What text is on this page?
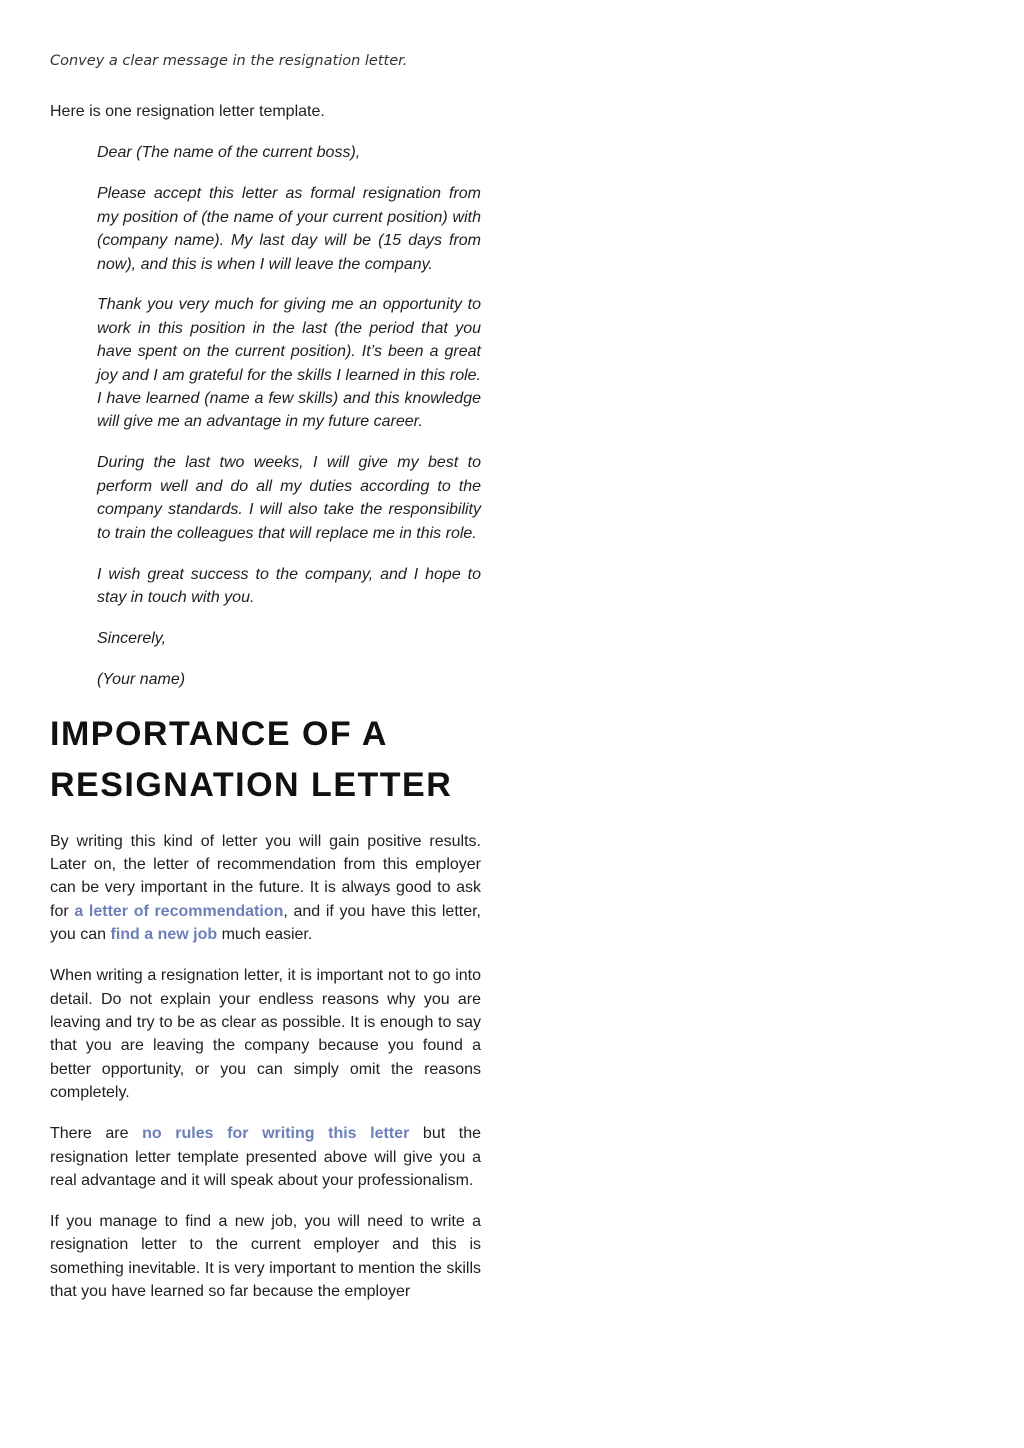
Convey a clear message in the resignation letter.

Here is one resignation letter template.

Dear (The name of the current boss),

Please accept this letter as formal resignation from my position of (the name of your current position) with (company name). My last day will be (15 days from now), and this is when I will leave the company.

Thank you very much for giving me an opportunity to work in this position in the last (the period that you have spent on the current position). It’s been a great joy and I am grateful for the skills I learned in this role. I have learned (name a few skills) and this knowledge will give me an advantage in my future career.

During the last two weeks, I will give my best to perform well and do all my duties according to the company standards. I will also take the responsibility to train the colleagues that will replace me in this role.

I wish great success to the company, and I hope to stay in touch with you.

Sincerely,

(Your name)

IMPORTANCE OF A RESIGNATION LETTER

By writing this kind of letter you will gain positive results. Later on, the letter of recommendation from this employer can be very important in the future. It is always good to ask for a letter of recommendation, and if you have this letter, you can find a new job much easier.

When writing a resignation letter, it is important not to go into detail. Do not explain your endless reasons why you are leaving and try to be as clear as possible. It is enough to say that you are leaving the company because you found a better opportunity, or you can simply omit the reasons completely.

There are no rules for writing this letter but the resignation letter template presented above will give you a real advantage and it will speak about your professionalism.

If you manage to find a new job, you will need to write a resignation letter to the current employer and this is something inevitable. It is very important to mention the skills that you have learned so far because the employer
